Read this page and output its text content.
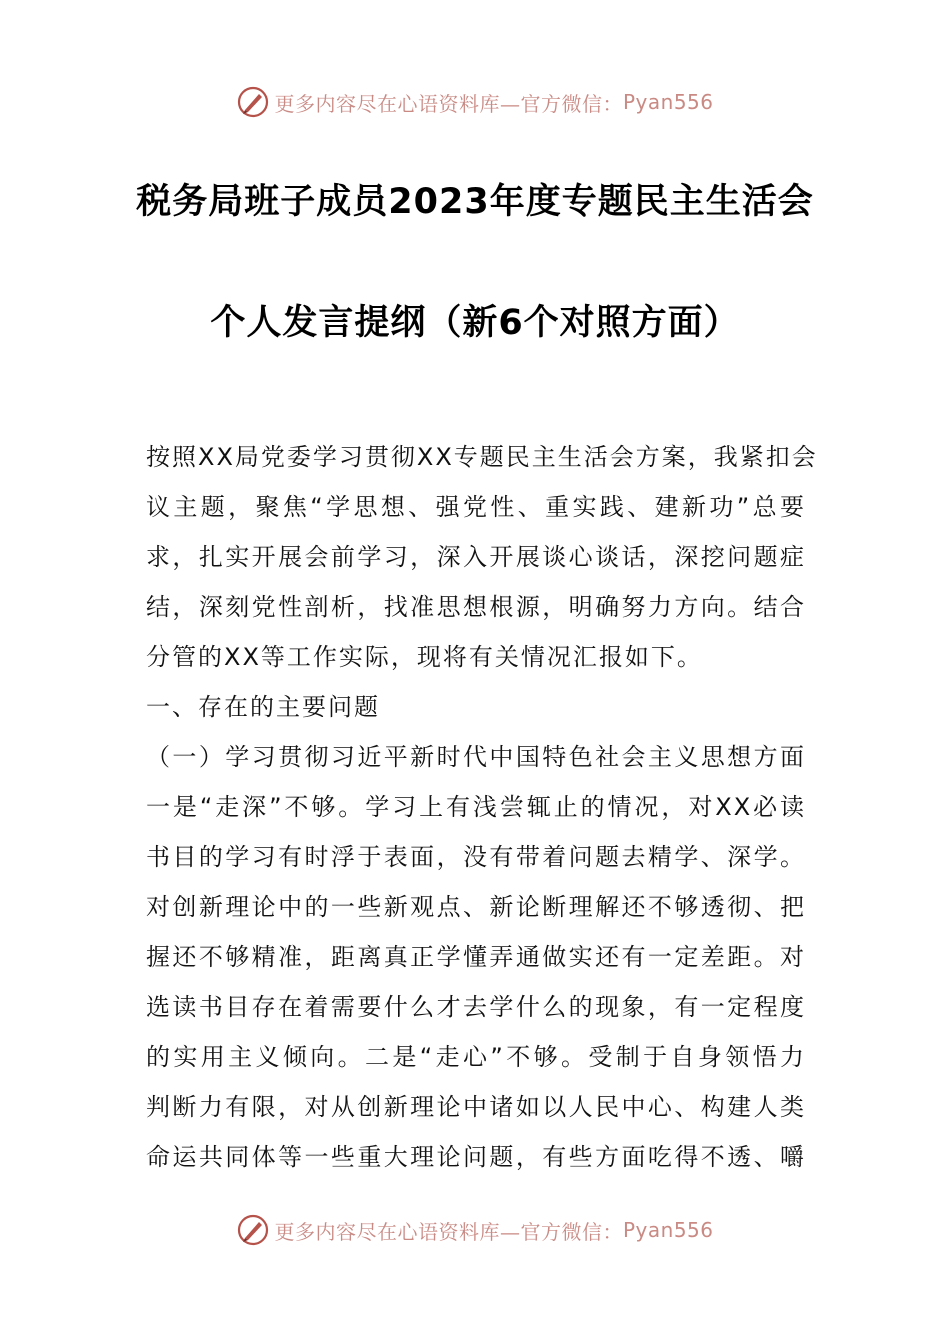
更多内容尽在心语资料库—官方微信： Pyan556
税务局班子成员2023年度专题民主生活会
个人发言提纲（新6个对照方面）
按照XX局党委学习贯彻XX专题民主生活会方案，我紧扣会
议主题，聚焦“学思想、强党性、重实践、建新功”总要
求，扎实开展会前学习，深入开展谈心谈话，深挖问题症
结，深刻党性剖析，找准思想根源，明确努力方向。结合
分管的XX等工作实际，现将有关情况汇报如下。
一、存在的主要问题
（一）学习贯彻习近平新时代中国特色社会主义思想方面
一是“走深”不够。学习上有浅尝辄止的情况，对XX必读
书目的学习有时浮于表面，没有带着问题去精学、深学。
对创新理论中的一些新观点、新论断理解还不够透彻、把
握还不够精准，距离真正学懂弄通做实还有一定差距。对
选读书目存在着需要什么才去学什么的现象，有一定程度
的实用主义倾向。二是“走心”不够。受制于自身领悟力
判断力有限，对从创新理论中诸如以人民中心、构建人类
命运共同体等一些重大理论问题，有些方面吃得不透、嚼
更多内容尽在心语资料库—官方微信： Pyan556
